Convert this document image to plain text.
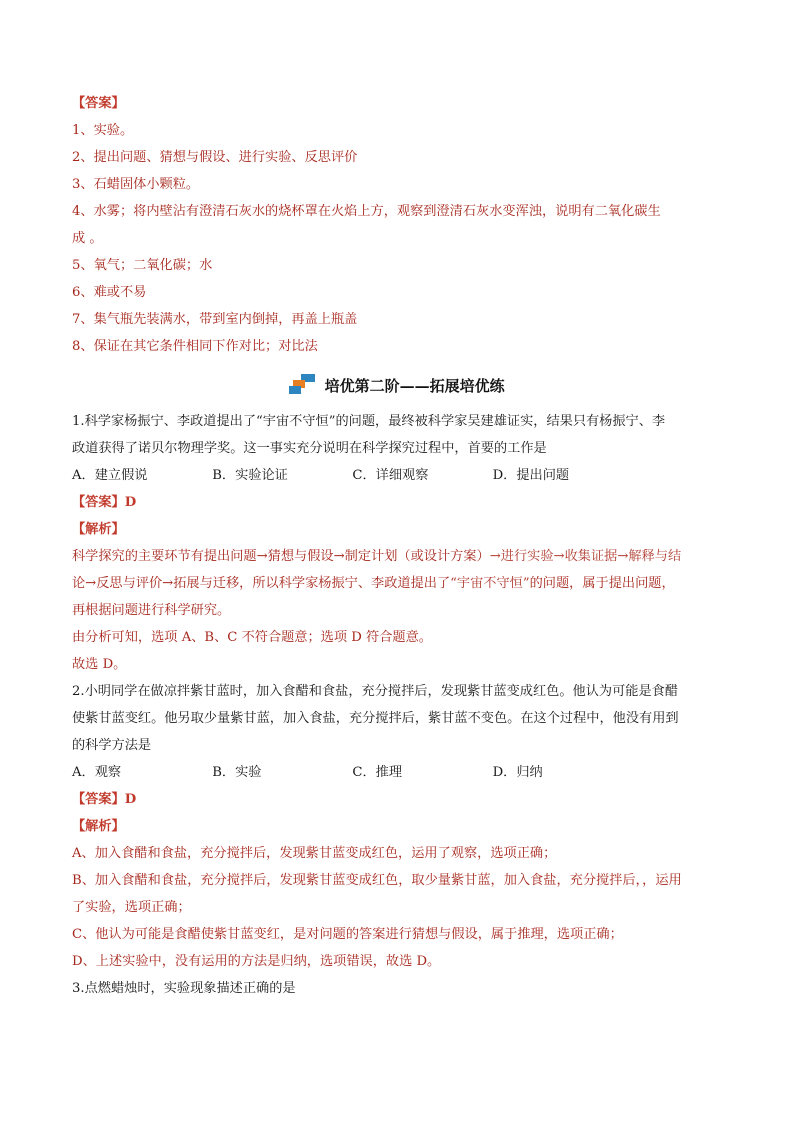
【答案】
1、实验。
2、提出问题、猜想与假设、进行实验、反思评价
3、石蜡固体小颗粒。
4、水雾；将内壁沾有澄清石灰水的烧杯罩在火焰上方，观察到澄清石灰水变浑浊，说明有二氧化碳生
成 。
5、氧气；二氧化碳；水
6、难或不易
7、集气瓶先装满水，带到室内倒掉，再盖上瓶盖
8、保证在其它条件相同下作对比；对比法
培优第二阶——拓展培优练
1.科学家杨振宁、李政道提出了“宇宙不守恒”的问题，最终被科学家吴建雄证实，结果只有杨振宁、李
政道获得了诺贝尔物理学奖。这一事实充分说明在科学探究过程中，首要的工作是
A．建立假说	B．实验论证	C．详细观察	D．提出问题
【答案】D
【解析】
科学探究的主要环节有提出问题→猜想与假设→制定计划（或设计方案）→进行实验→收集证据→解释与结
论→反思与评价→拓展与迁移，所以科学家杨振宁、李政道提出了“宇宙不守恒”的问题，属于提出问题，
再根据问题进行科学研究。
由分析可知，选项 A、B、C 不符合题意；选项 D 符合题意。
故选 D。
2.小明同学在做凉拌紫甘蓝时，加入食醋和食盐，充分搅拌后，发现紫甘蓝变成红色。他认为可能是食醋
使紫甘蓝变红。他另取少量紫甘蓝，加入食盐，充分搅拌后，紫甘蓝不变色。在这个过程中，他没有用到
的科学方法是
A．观察	B．实验	C．推理	D．归纳
【答案】D
【解析】
A、加入食醋和食盐，充分搅拌后，发现紫甘蓝变成红色，运用了观察，选项正确；
B、加入食醋和食盐，充分搅拌后，发现紫甘蓝变成红色，取少量紫甘蓝，加入食盐，充分搅拌后，，运用
了实验，选项正确；
C、他认为可能是食醋使紫甘蓝变红，是对问题的答案进行猜想与假设，属于推理，选项正确；
D、上述实验中，没有运用的方法是归纳，选项错误，故选 D。
3.点燃蜡烛时，实验现象描述正确的是
